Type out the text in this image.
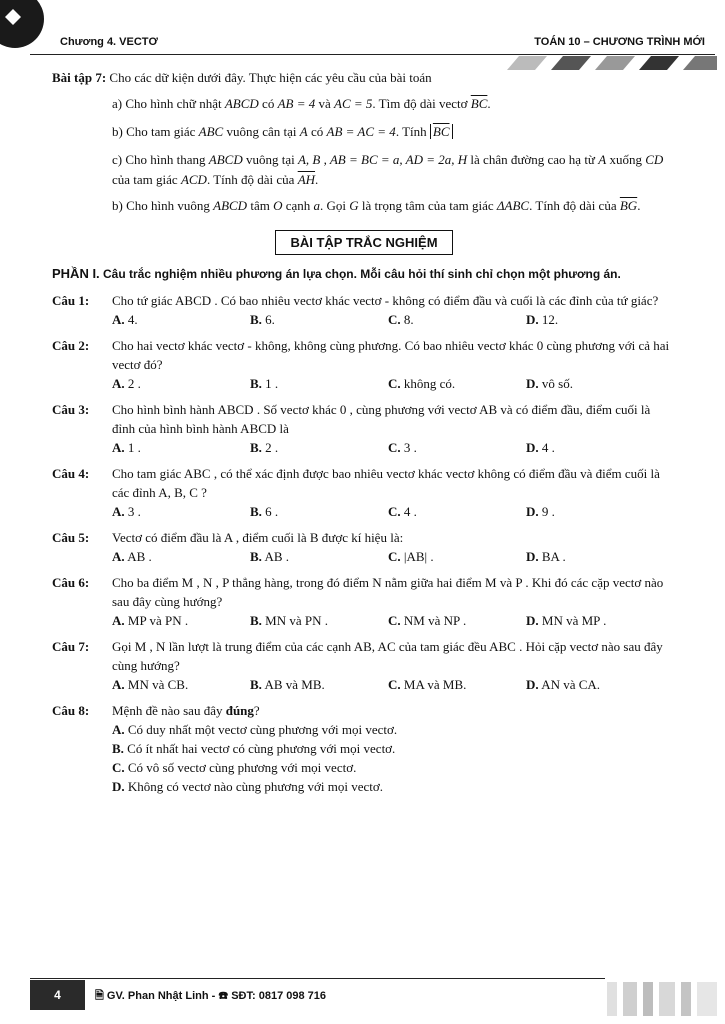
Chương 4. VECTƠ	TOÁN 10 – CHƯƠNG TRÌNH MỚI
Bài tập 7: Cho các dữ kiện dưới đây. Thực hiện các yêu cầu của bài toán
a) Cho hình chữ nhật ABCD có AB = 4 và AC = 5. Tìm độ dài vectơ $\overline{BC}$.
b) Cho tam giác ABC vuông cân tại A có AB = AC = 4. Tính $\overline{BC}$
c) Cho hình thang ABCD vuông tại A, B , AB = BC = a, AD = 2a, H là chân đường cao hạ từ A xuống CD của tam giác ACD. Tính độ dài của $\overline{AH}$.
b) Cho hình vuông ABCD tâm O cạnh a. Gọi G là trọng tâm của tam giác ΔABC. Tính độ dài của $\overline{BG}$.
BÀI TẬP TRẮC NGHIỆM
PHẦN I. Câu trắc nghiệm nhiều phương án lựa chọn. Mỗi câu hỏi thí sinh chỉ chọn một phương án.
Câu 1:	Cho tứ giác ABCD . Có bao nhiêu vectơ khác vectơ - không có điểm đầu và cuối là các đỉnh của tứ giác?
A. 4.	B. 6.	C. 8.	D. 12.
Câu 2:	Cho hai vectơ khác vectơ - không, không cùng phương. Có bao nhiêu vectơ khác 0 cùng phương với cả hai vectơ đó?
A. 2 .	B. 1 .	C. không có.	D. vô số.
Câu 3:	Cho hình bình hành ABCD . Số vectơ khác 0 , cùng phương với vectơ AB và có điểm đầu, điểm cuối là đỉnh của hình bình hành ABCD là
A. 1 .	B. 2 .	C. 3 .	D. 4 .
Câu 4:	Cho tam giác ABC , có thể xác định được bao nhiêu vectơ khác vectơ không có điểm đầu và điểm cuối là các đỉnh A, B, C ?
A. 3 .	B. 6 .	C. 4 .	D. 9 .
Câu 5:	Vectơ có điểm đầu là A , điểm cuối là B được kí hiệu là:
A. AB .	B. AB .	C. |AB| .	D. BA .
Câu 6:	Cho ba điểm M , N , P thẳng hàng, trong đó điểm N nằm giữa hai điểm M và P . Khi đó các cặp vectơ nào sau đây cùng hướng?
A. MP và PN .	B. MN và PN .	C. NM và NP .	D. MN và MP .
Câu 7:	Gọi M , N lần lượt là trung điểm của các cạnh AB, AC của tam giác đều ABC . Hỏi cặp vectơ nào sau đây cùng hướng?
A. MN và CB.	B. AB và MB.	C. MA và MB.	D. AN và CA.
Câu 8:	Mệnh đề nào sau đây đúng?
A. Có duy nhất một vectơ cùng phương với mọi vectơ.
B. Có ít nhất hai vectơ có cùng phương với mọi vectơ.
C. Có vô số vectơ cùng phương với mọi vectơ.
D. Không có vectơ nào cùng phương với mọi vectơ.
4	🗎 GV. Phan Nhật Linh - ☎ SĐT: 0817 098 716
